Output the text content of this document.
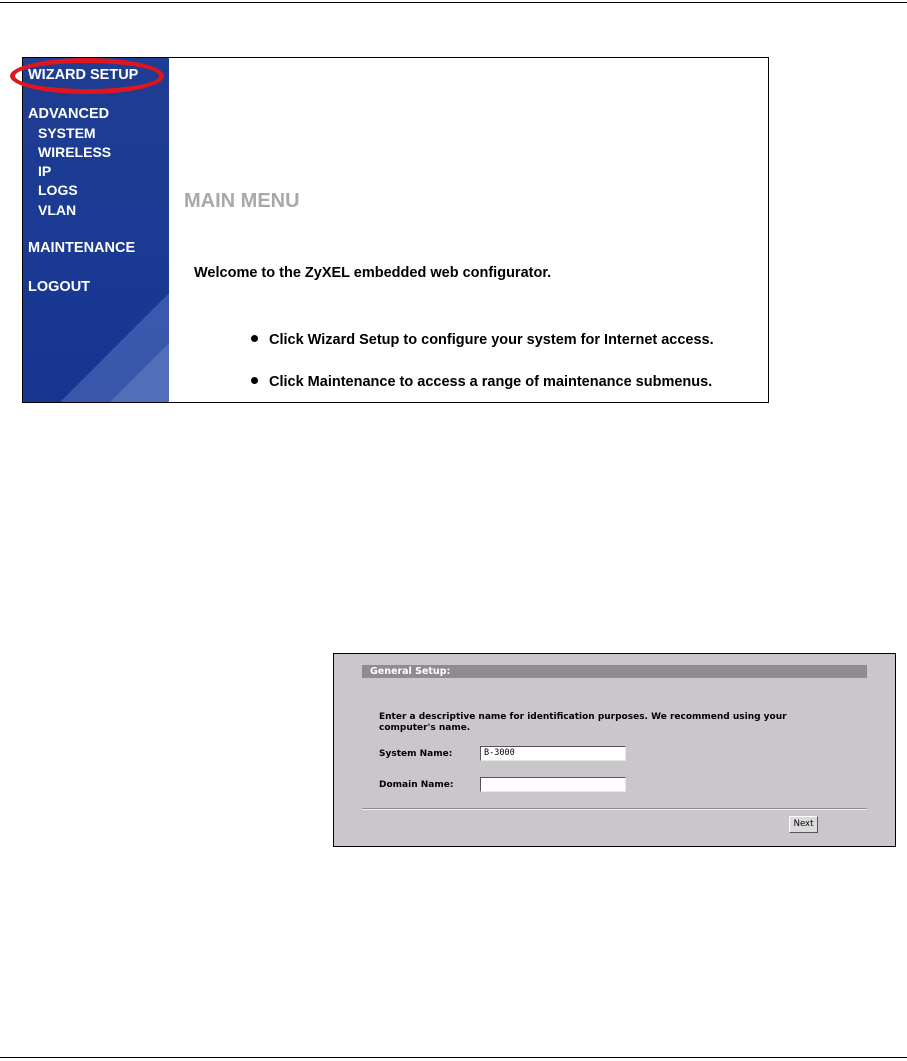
WIZARD SETUP
ADVANCED
SYSTEM
WIRELESS
IP
LOGS
VLAN
MAINTENANCE
LOGOUT
MAIN MENU
Welcome to the ZyXEL embedded web configurator.
Click Wizard Setup to configure your system for Internet access.
Click Maintenance to access a range of maintenance submenus.
General Setup:
Enter a descriptive name for identification purposes. We recommend using your computer's name.
System Name:	B-3000
Domain Name:
Next
